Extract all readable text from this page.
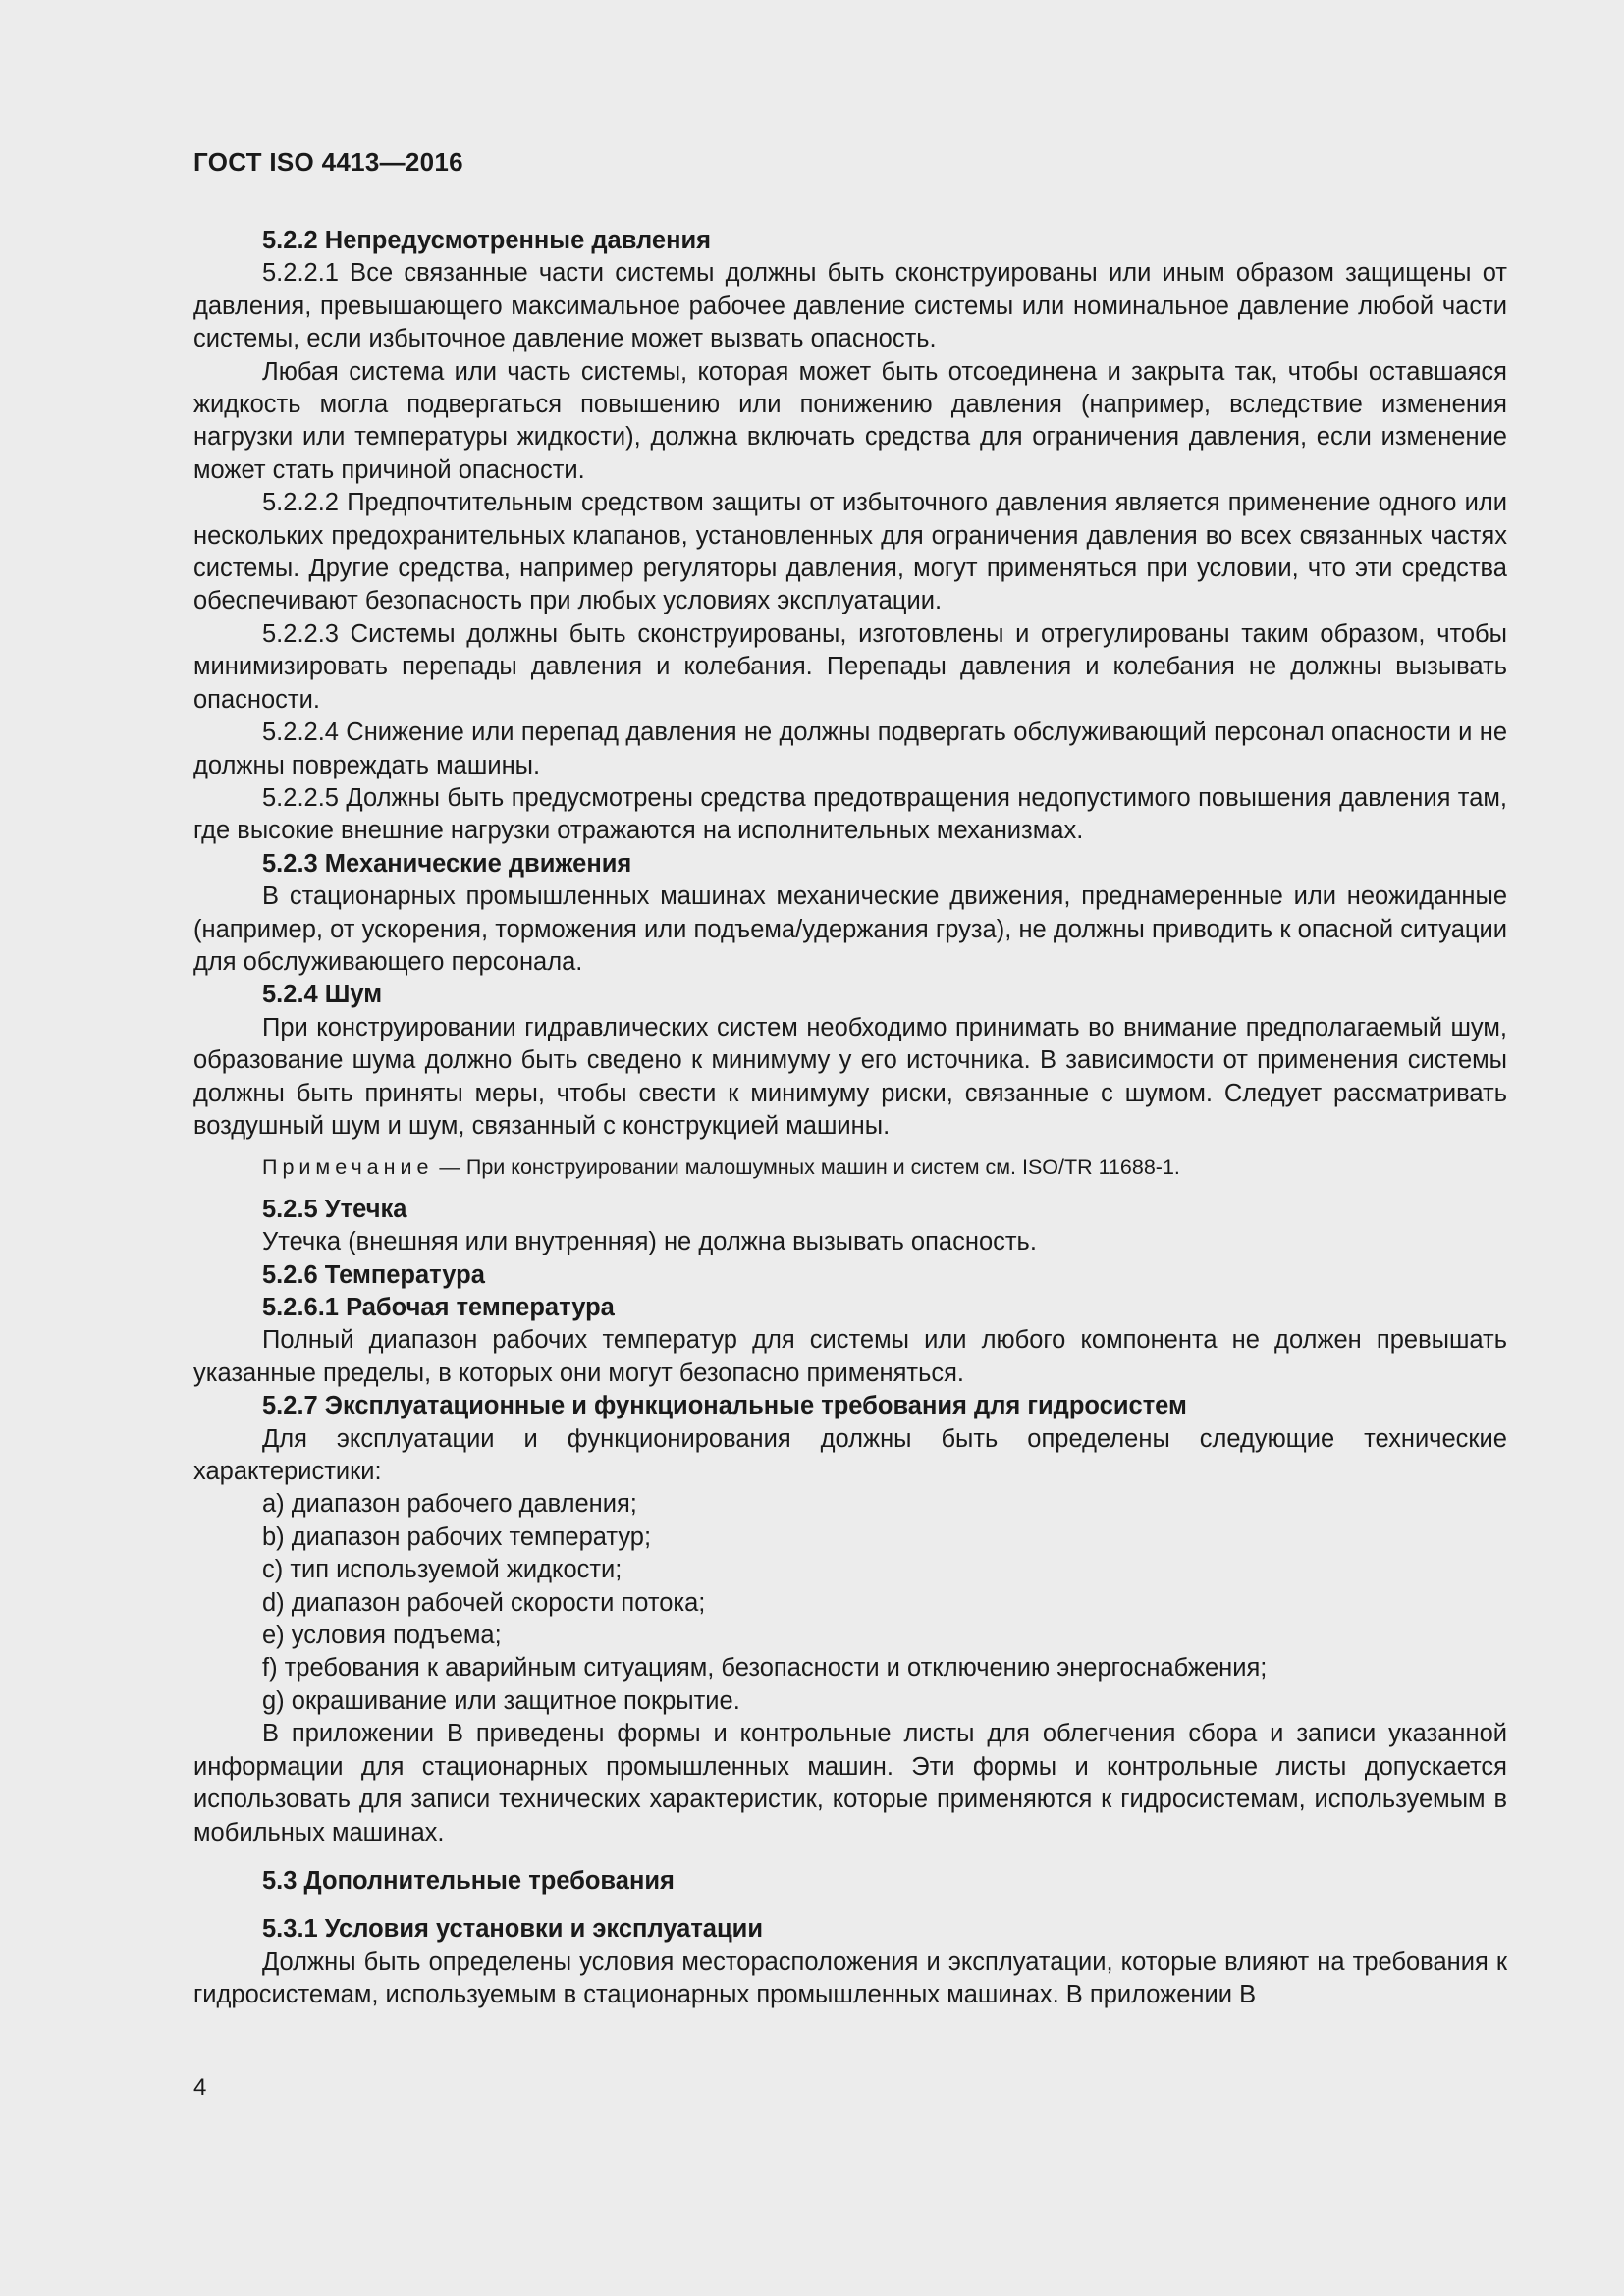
ГОСТ ISO 4413—2016

5.2.2 Непредусмотренные давления

5.2.2.1 Все связанные части системы должны быть сконструированы или иным образом защищены от давления, превышающего максимальное рабочее давление системы или номинальное давление любой части системы, если избыточное давление может вызвать опасность.

Любая система или часть системы, которая может быть отсоединена и закрыта так, чтобы оставшаяся жидкость могла подвергаться повышению или понижению давления (например, вследствие изменения нагрузки или температуры жидкости), должна включать средства для ограничения давления, если изменение может стать причиной опасности.

5.2.2.2 Предпочтительным средством защиты от избыточного давления является применение одного или нескольких предохранительных клапанов, установленных для ограничения давления во всех связанных частях системы. Другие средства, например регуляторы давления, могут применяться при условии, что эти средства обеспечивают безопасность при любых условиях эксплуатации.

5.2.2.3 Системы должны быть сконструированы, изготовлены и отрегулированы таким образом, чтобы минимизировать перепады давления и колебания. Перепады давления и колебания не должны вызывать опасности.

5.2.2.4 Снижение или перепад давления не должны подвергать обслуживающий персонал опасности и не должны повреждать машины.

5.2.2.5 Должны быть предусмотрены средства предотвращения недопустимого повышения давления там, где высокие внешние нагрузки отражаются на исполнительных механизмах.

5.2.3 Механические движения

В стационарных промышленных машинах механические движения, преднамеренные или неожиданные (например, от ускорения, торможения или подъема/удержания груза), не должны приводить к опасной ситуации для обслуживающего персонала.

5.2.4 Шум

При конструировании гидравлических систем необходимо принимать во внимание предполагаемый шум, образование шума должно быть сведено к минимуму у его источника. В зависимости от применения системы должны быть приняты меры, чтобы свести к минимуму риски, связанные с шумом. Следует рассматривать воздушный шум и шум, связанный с конструкцией машины.

Примечание — При конструировании малошумных машин и систем см. ISO/TR 11688-1.

5.2.5 Утечка

Утечка (внешняя или внутренняя) не должна вызывать опасность.

5.2.6 Температура

5.2.6.1 Рабочая температура

Полный диапазон рабочих температур для системы или любого компонента не должен превышать указанные пределы, в которых они могут безопасно применяться.

5.2.7 Эксплуатационные и функциональные требования для гидросистем

Для эксплуатации и функционирования должны быть определены следующие технические характеристики:

a) диапазон рабочего давления;

b) диапазон рабочих температур;

c) тип используемой жидкости;

d) диапазон рабочей скорости потока;

e) условия подъема;

f) требования к аварийным ситуациям, безопасности и отключению энергоснабжения;

g) окрашивание или защитное покрытие.

В приложении В приведены формы и контрольные листы для облегчения сбора и записи указанной информации для стационарных промышленных машин. Эти формы и контрольные листы допускается использовать для записи технических характеристик, которые применяются к гидросистемам, используемым в мобильных машинах.

5.3 Дополнительные требования

5.3.1 Условия установки и эксплуатации

Должны быть определены условия месторасположения и эксплуатации, которые влияют на требования к гидросистемам, используемым в стационарных промышленных машинах. В приложении В

4
